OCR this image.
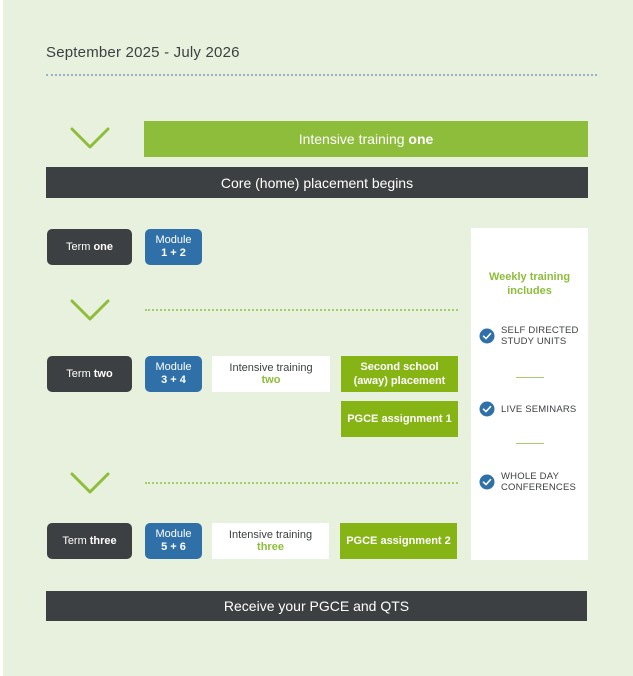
September 2025 - July 2026
Intensive training one
Core (home) placement begins
Weekly training
includes
SELF DIRECTED
STUDY UNITS
LIVE SEMINARS
WHOLE DAY
CONFERENCES
Term one
Module
1 + 2
Term two
Module
3 + 4
Intensive training
two
Second school
(away) placement
PGCE assignment 1
Term three
Module
5 + 6
Intensive training
three	PGCE assignment 2
Receive your PGCE and QTS
